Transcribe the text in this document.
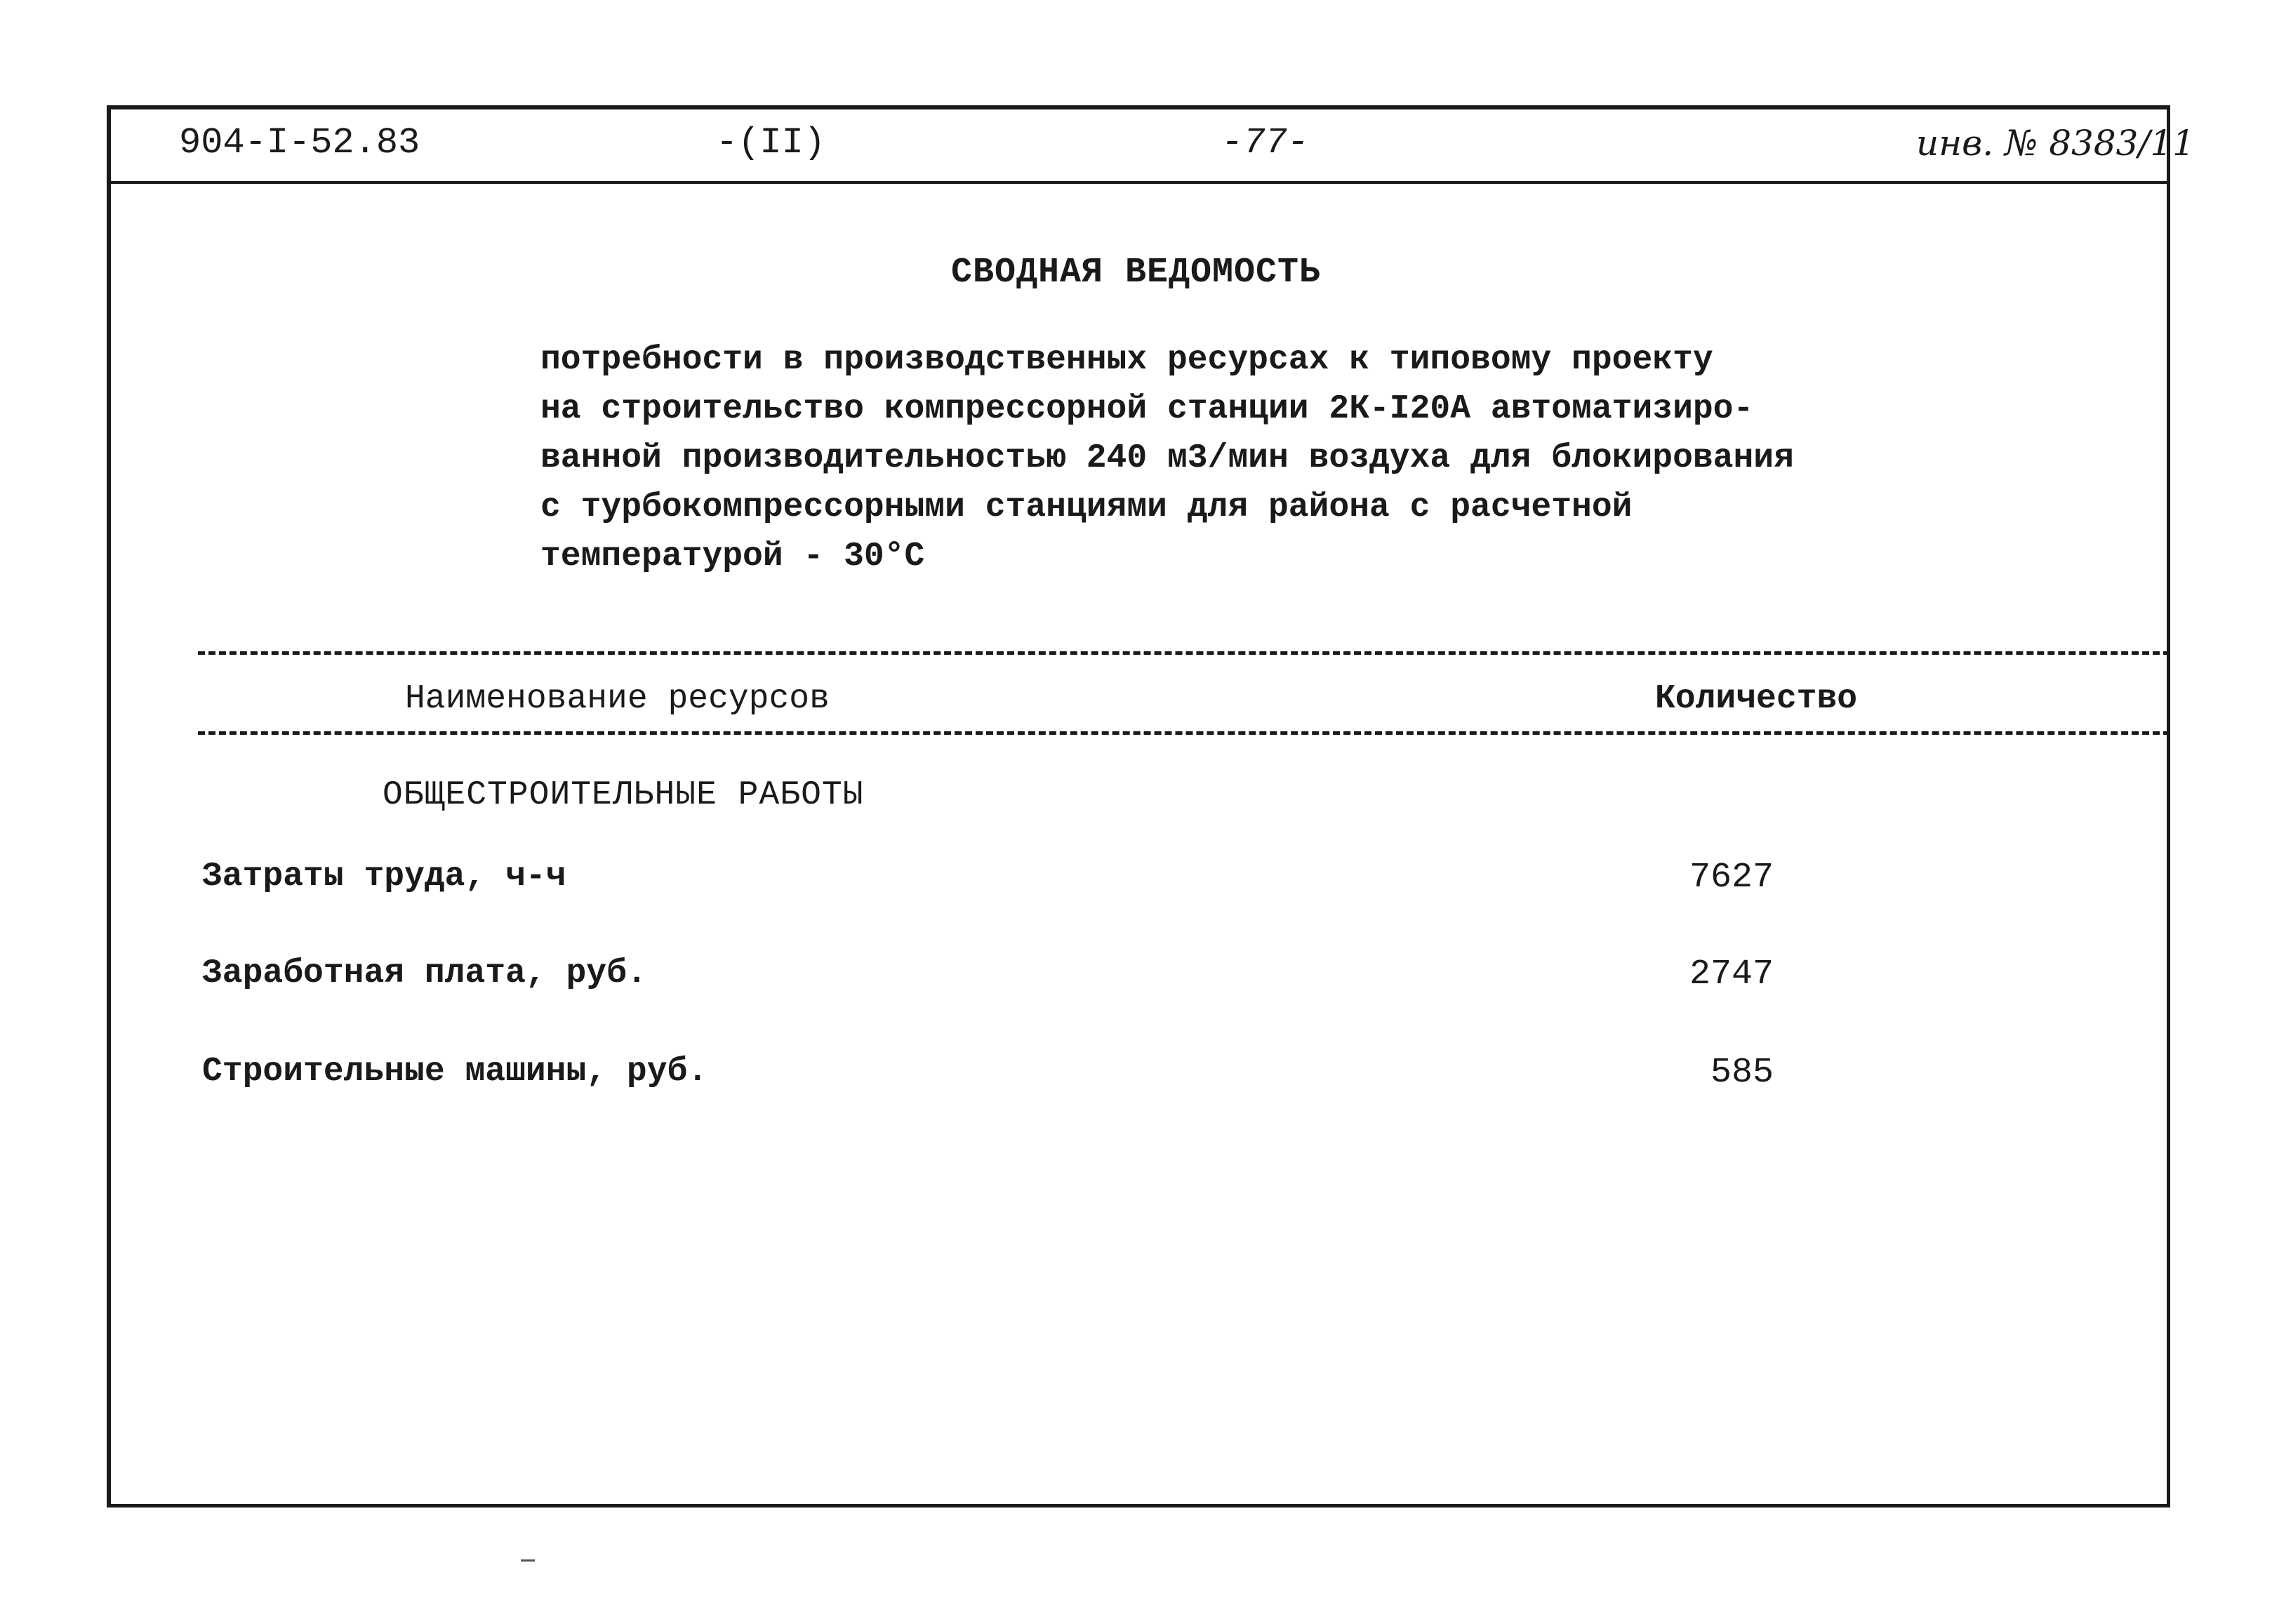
904-I-52.83	-(II)	-77-	инв. № 8383/11
СВОДНАЯ ВЕДОМОСТЬ
потребности в производственных ресурсах к типовому проекту
на строительство компрессорной станции 2К-I20А автоматизиро-
ванной производительностью 240 м3/мин воздуха для блокирования
с турбокомпрессорными станциями для района с расчетной
температурой - 30°С
Наименование ресурсов	Количество
ОБЩЕСТРОИТЕЛЬНЫЕ РАБОТЫ
Затраты труда, ч-ч	7627
Заработная плата, руб.	2747
Строительные машины, руб.	585
